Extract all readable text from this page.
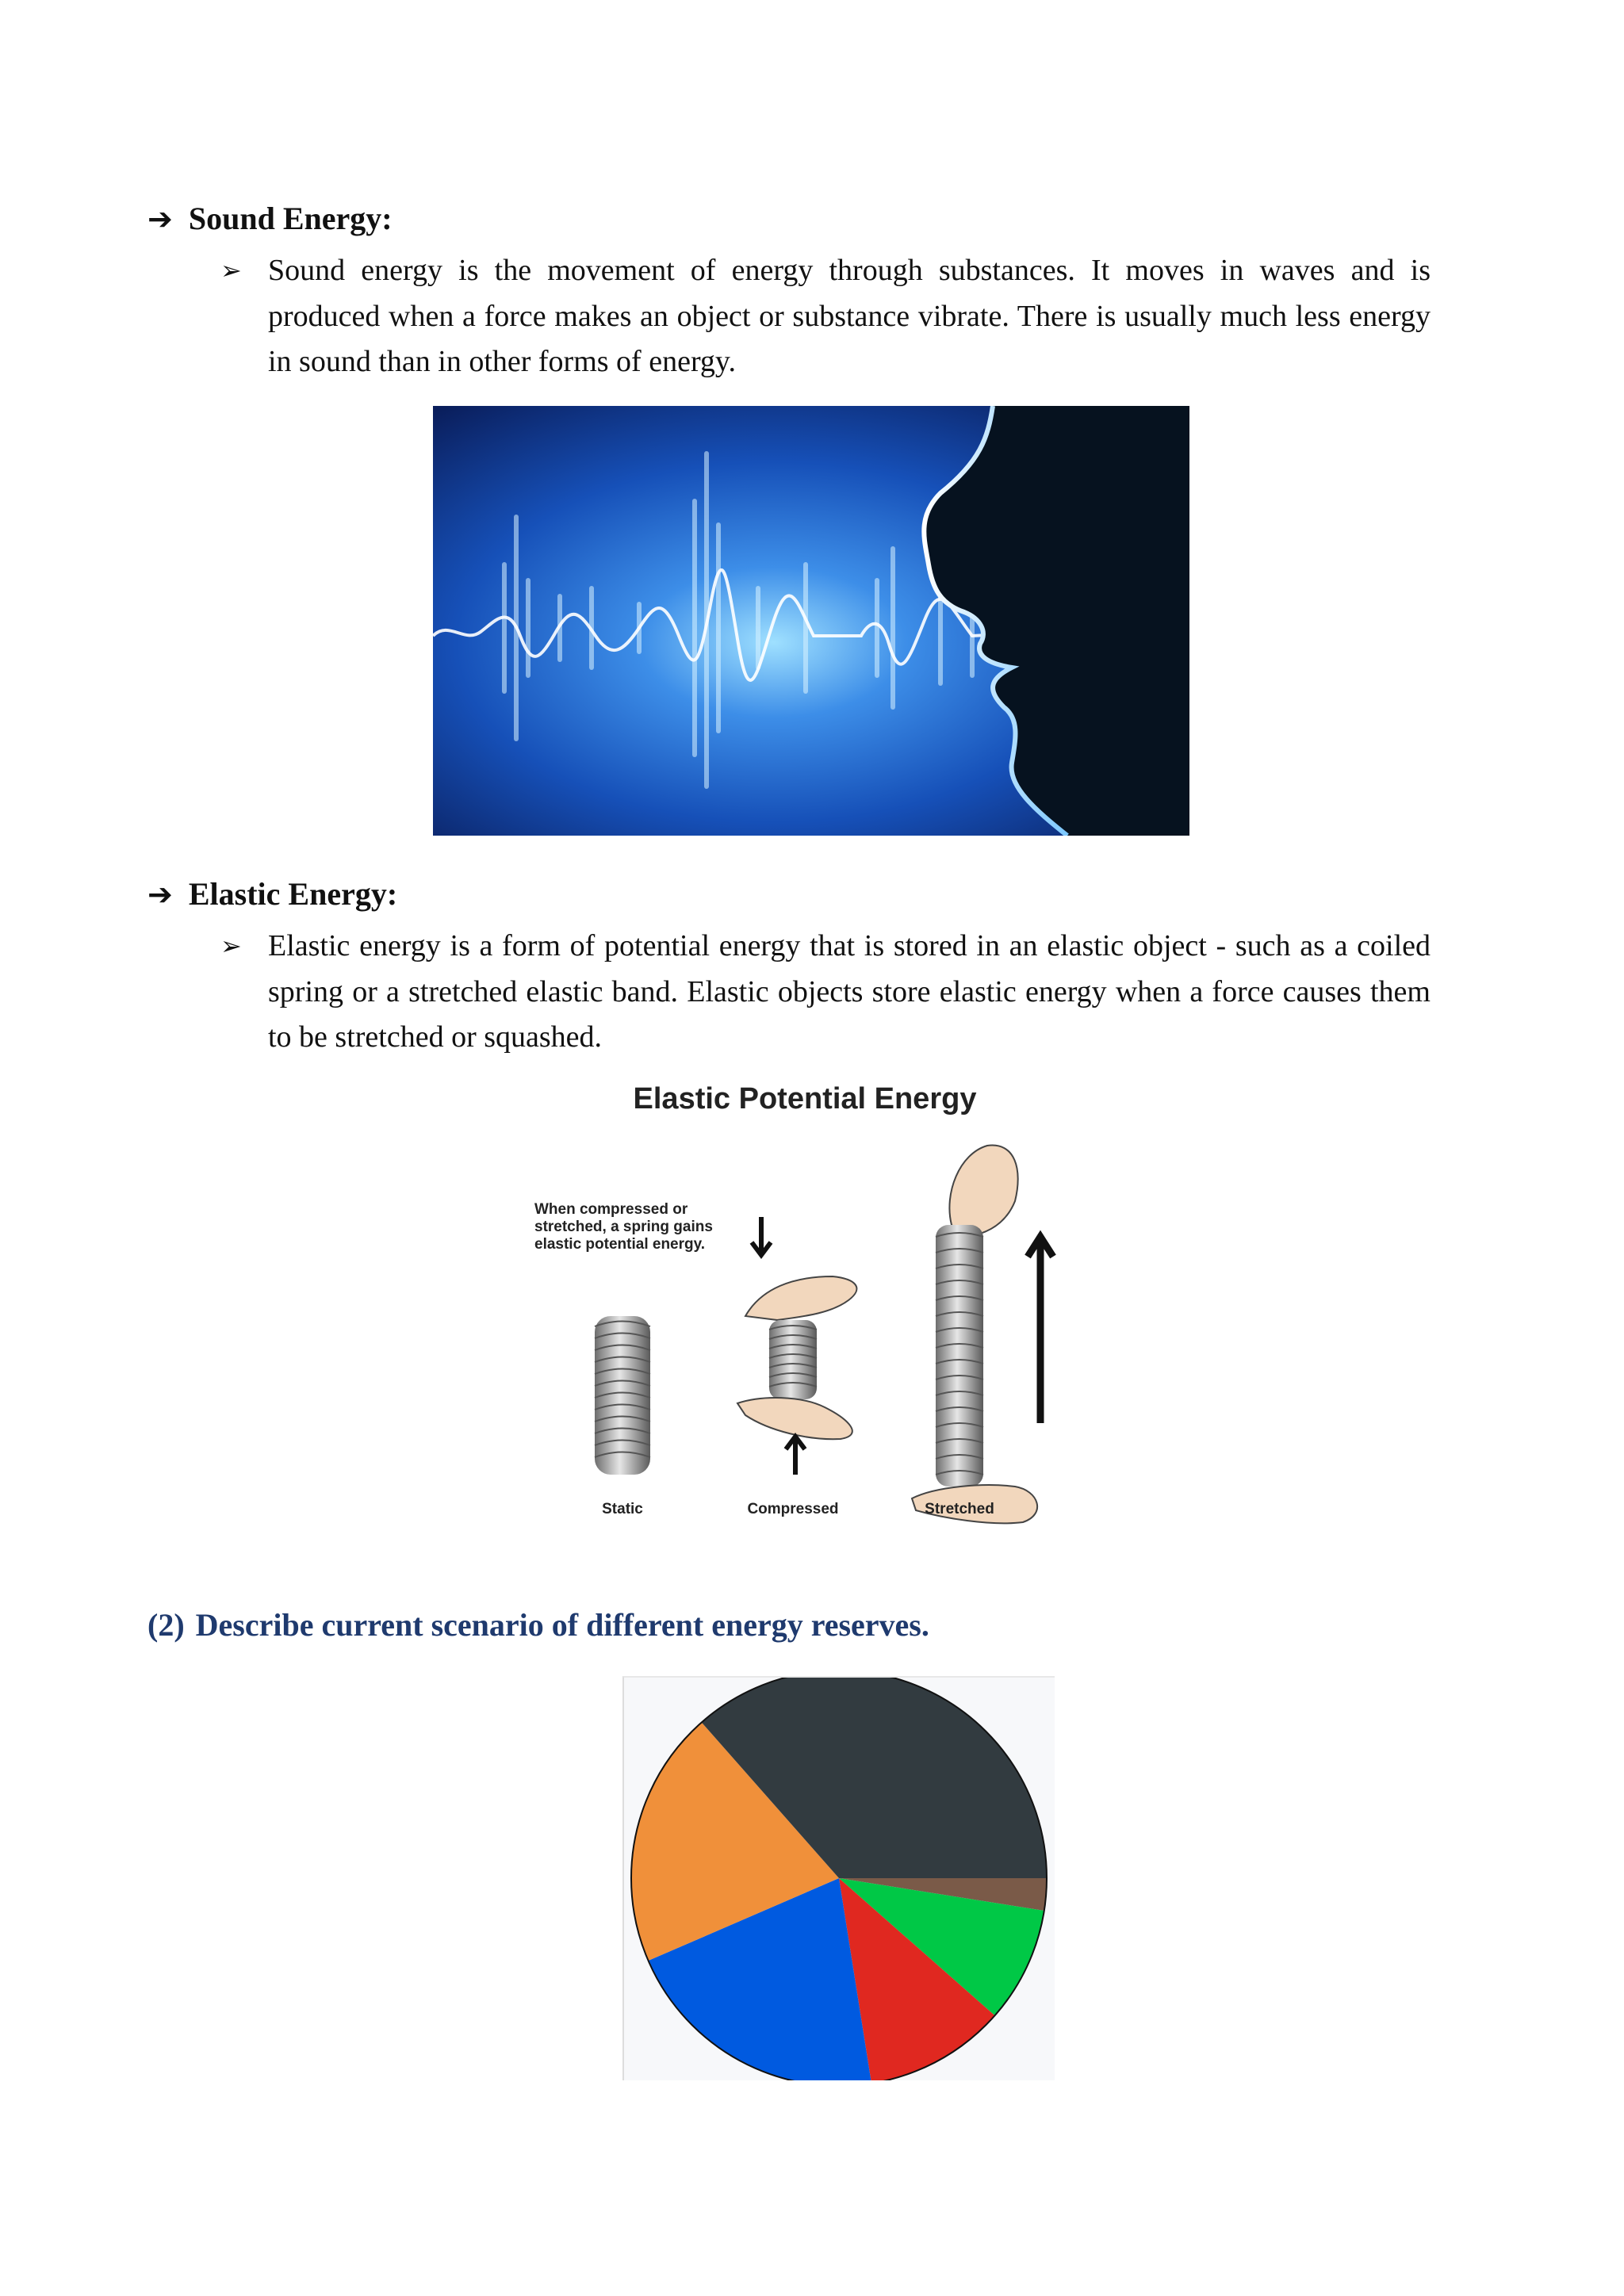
➔ Sound Energy:
➢ Sound energy is the movement of energy through substances. It moves in waves and is produced when a force makes an object or substance vibrate. There is usually much less energy in sound than in other forms of energy.

➔ Elastic Energy:
➢ Elastic energy is a form of potential energy that is stored in an elastic object - such as a coiled spring or a stretched elastic band. Elastic objects store elastic energy when a force causes them to be stretched or squashed.

Elastic Potential Energy
When compressed or
stretched, a spring gains
elastic potential energy.
Static	Compressed	Stretched
(2) Describe current scenario of different energy reserves.
